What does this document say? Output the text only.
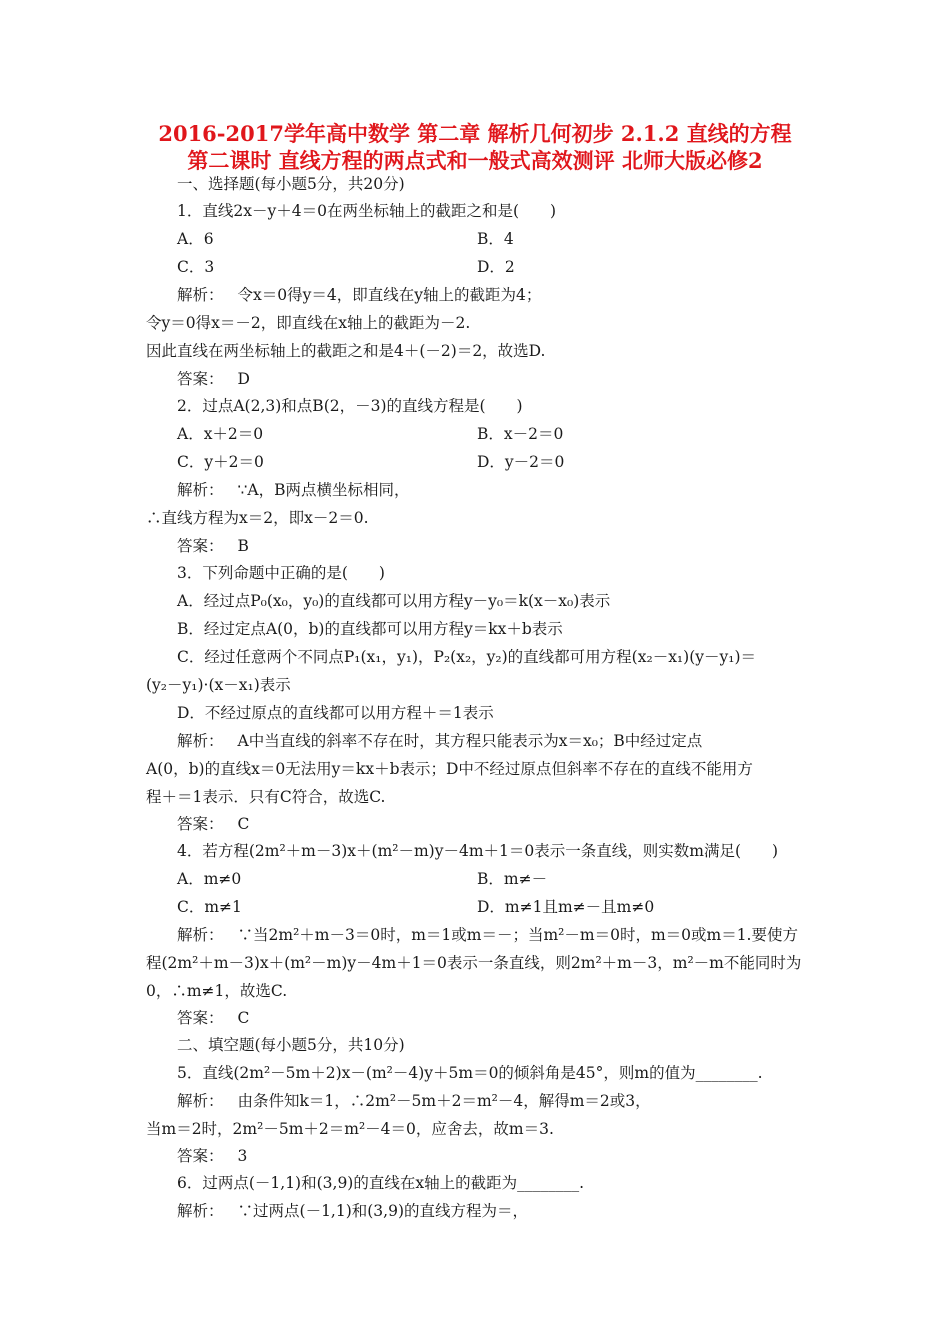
2016-2017学年高中数学 第二章 解析几何初步 2.1.2 直线的方程
第二课时 直线方程的两点式和一般式高效测评 北师大版必修2
一、选择题(每小题5分，共20分)
1．直线2x－y＋4＝0在两坐标轴上的截距之和是(　　)
A．6	B．4
C．3	D．2
解析： 令x＝0得y＝4，即直线在y轴上的截距为4；
令y＝0得x＝－2，即直线在x轴上的截距为－2.
因此直线在两坐标轴上的截距之和是4＋(－2)＝2，故选D.
答案： D
2．过点A(2,3)和点B(2，－3)的直线方程是(　　)
A．x＋2＝0	B．x－2＝0
C．y＋2＝0	D．y－2＝0
解析： ∵A，B两点横坐标相同，
∴直线方程为x＝2，即x－2＝0.
答案： B
3．下列命题中正确的是(　　)
A．经过点P₀(x₀，y₀)的直线都可以用方程y－y₀＝k(x－x₀)表示
B．经过定点A(0，b)的直线都可以用方程y＝kx＋b表示
C．经过任意两个不同点P₁(x₁，y₁)，P₂(x₂，y₂)的直线都可用方程(x₂－x₁)(y－y₁)＝
(y₂－y₁)·(x－x₁)表示
D．不经过原点的直线都可以用方程＋＝1表示
解析： A中当直线的斜率不存在时，其方程只能表示为x＝x₀；B中经过定点
A(0，b)的直线x＝0无法用y＝kx＋b表示；D中不经过原点但斜率不存在的直线不能用方
程＋＝1表示．只有C符合，故选C.
答案： C
4．若方程(2m²＋m－3)x＋(m²－m)y－4m＋1＝0表示一条直线，则实数m满足(　　)
A．m≠0	B．m≠－
C．m≠1	D．m≠1且m≠－且m≠0
解析： ∵当2m²＋m－3＝0时，m＝1或m＝－；当m²－m＝0时，m＝0或m＝1.要使方
程(2m²＋m－3)x＋(m²－m)y－4m＋1＝0表示一条直线，则2m²＋m－3，m²－m不能同时为
0，∴m≠1，故选C.
答案： C
二、填空题(每小题5分，共10分)
5．直线(2m²－5m＋2)x－(m²－4)y＋5m＝0的倾斜角是45°，则m的值为________.
解析： 由条件知k＝1，∴2m²－5m＋2＝m²－4，解得m＝2或3，
当m＝2时，2m²－5m＋2＝m²－4＝0，应舍去，故m＝3.
答案： 3
6．过两点(－1,1)和(3,9)的直线在x轴上的截距为________.
解析： ∵过两点(－1,1)和(3,9)的直线方程为＝，
